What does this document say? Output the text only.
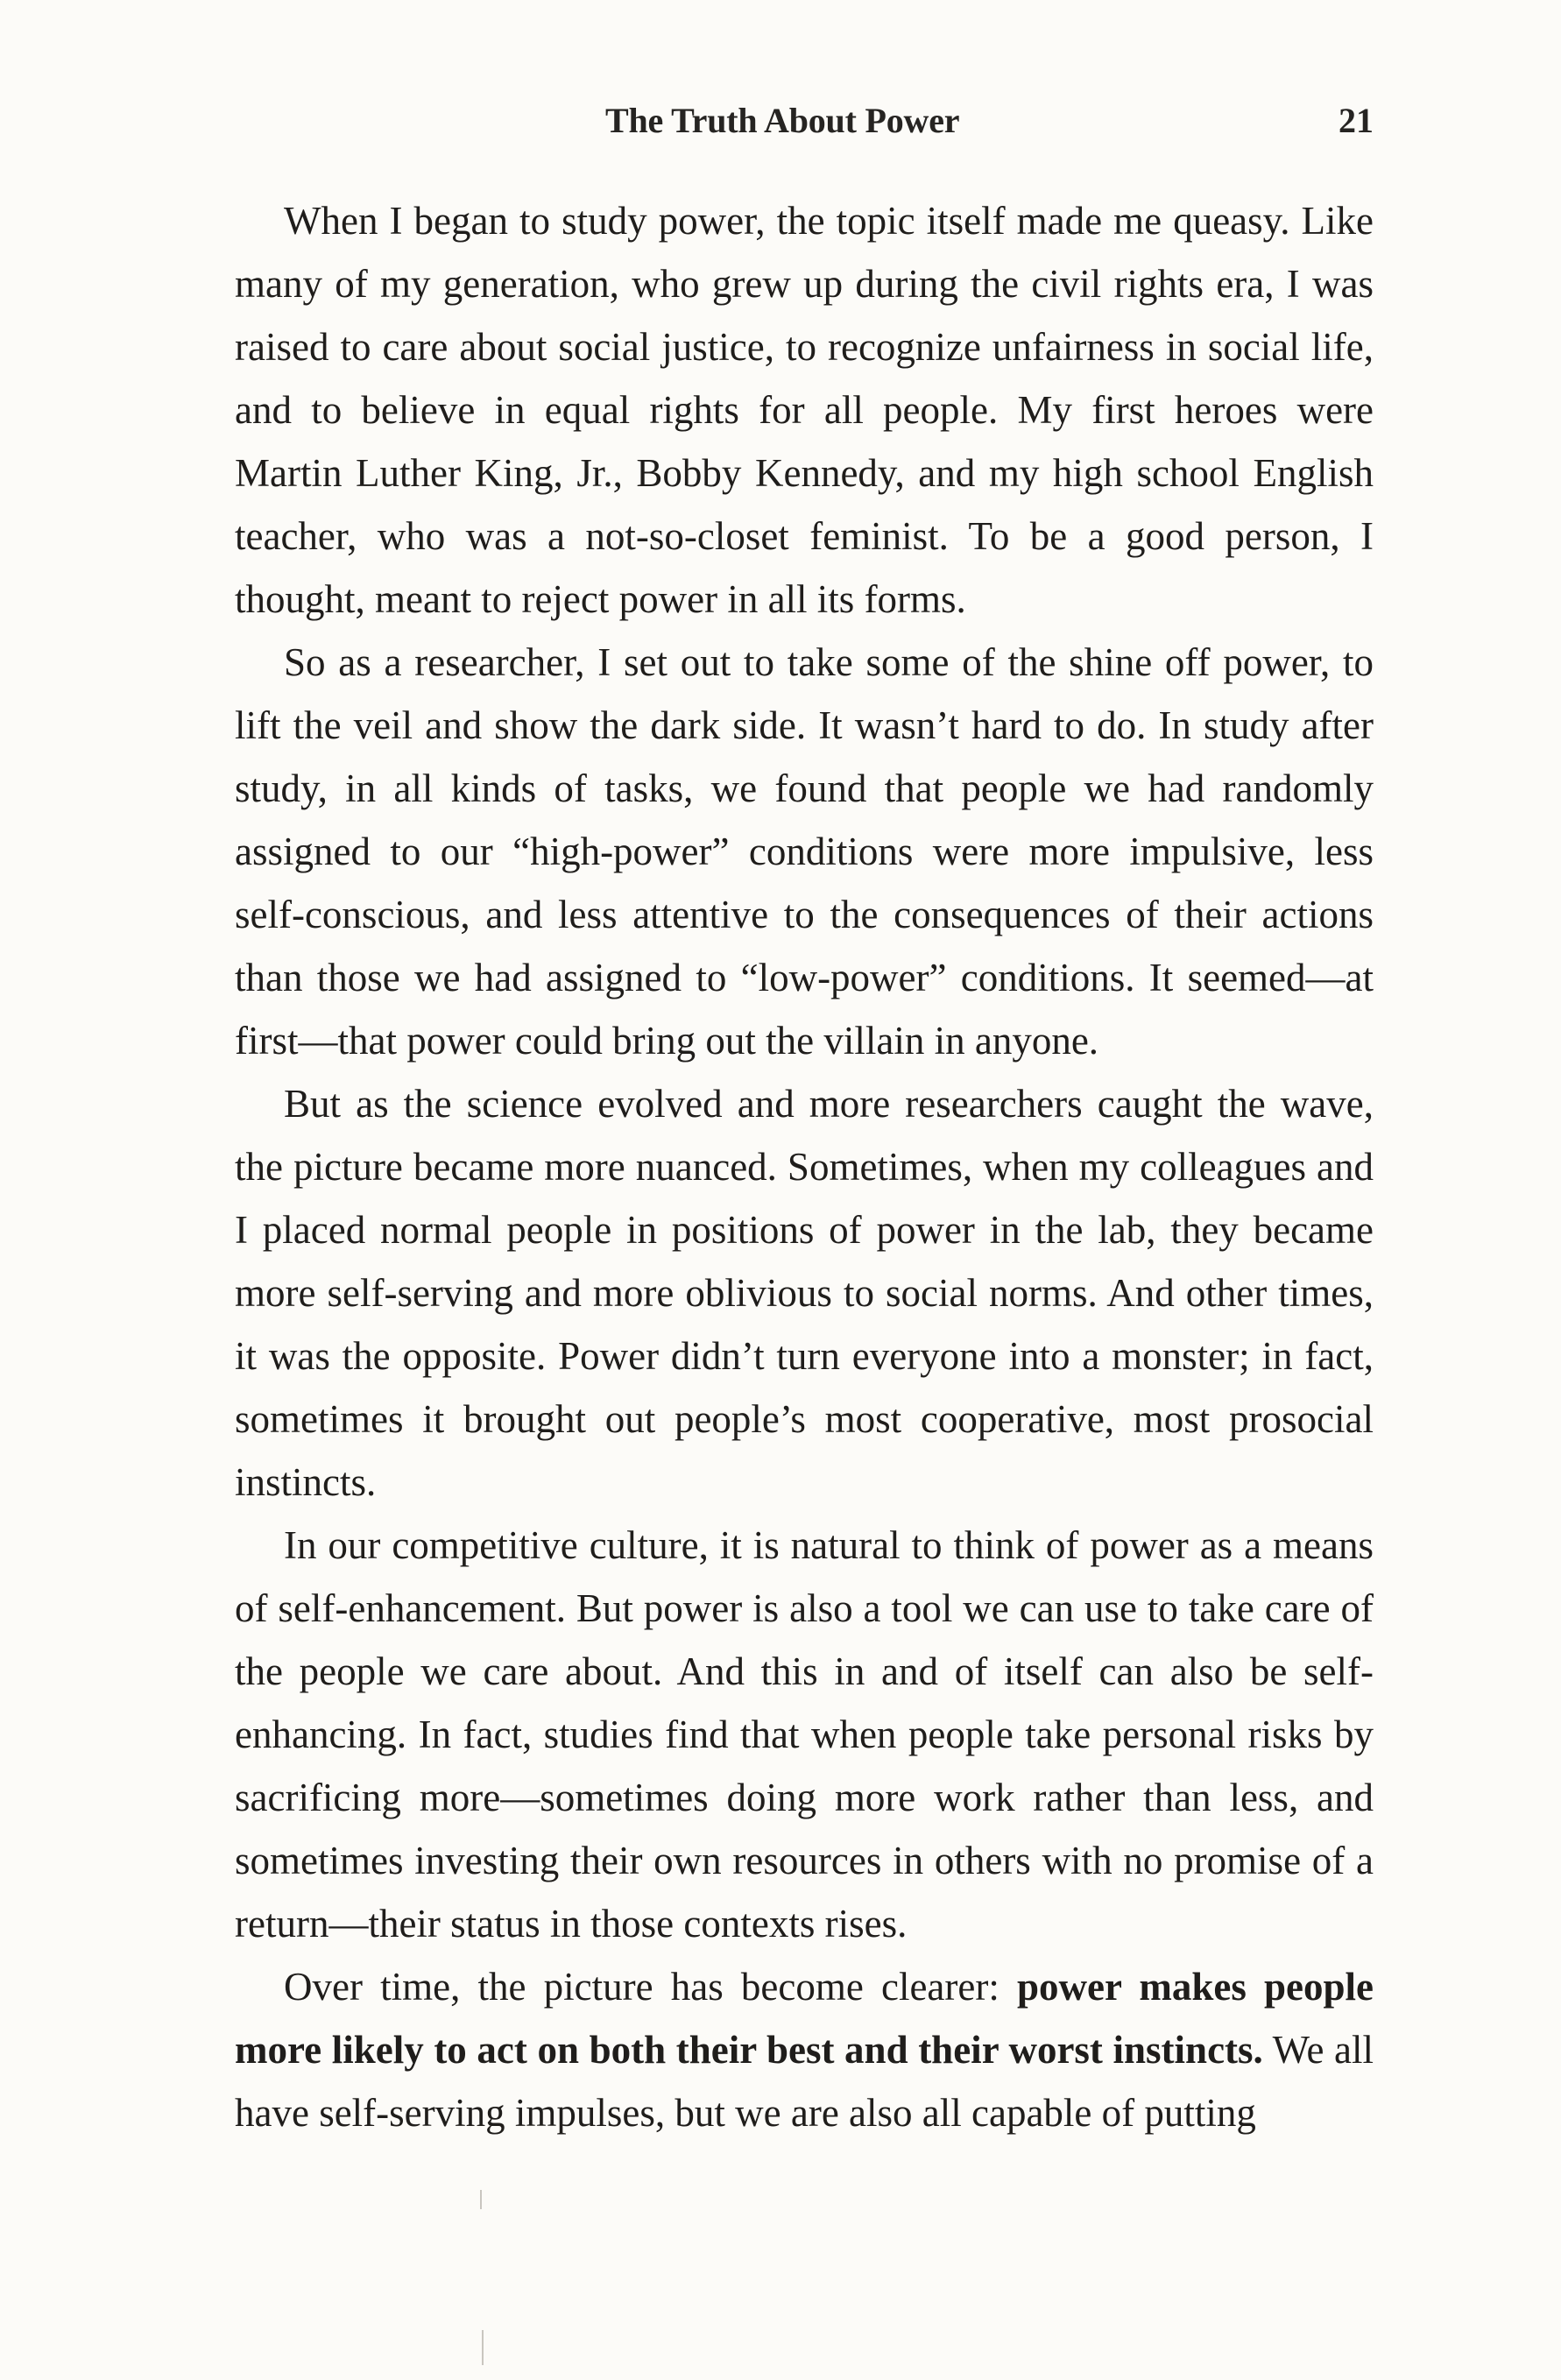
The Truth About Power	21

When I began to study power, the topic itself made me queasy. Like many of my generation, who grew up during the civil rights era, I was raised to care about social justice, to recognize unfairness in social life, and to believe in equal rights for all people. My first heroes were Martin Luther King, Jr., Bobby Kennedy, and my high school English teacher, who was a not-so-closet feminist. To be a good person, I thought, meant to reject power in all its forms.

So as a researcher, I set out to take some of the shine off power, to lift the veil and show the dark side. It wasn’t hard to do. In study after study, in all kinds of tasks, we found that people we had randomly assigned to our “high-power” conditions were more impulsive, less self-conscious, and less attentive to the consequences of their actions than those we had assigned to “low-power” conditions. It seemed—at first—that power could bring out the villain in anyone.

But as the science evolved and more researchers caught the wave, the picture became more nuanced. Sometimes, when my colleagues and I placed normal people in positions of power in the lab, they became more self-serving and more oblivious to social norms. And other times, it was the opposite. Power didn’t turn everyone into a monster; in fact, sometimes it brought out people’s most cooperative, most prosocial instincts.

In our competitive culture, it is natural to think of power as a means of self-enhancement. But power is also a tool we can use to take care of the people we care about. And this in and of itself can also be self-enhancing. In fact, studies find that when people take personal risks by sacrificing more—sometimes doing more work rather than less, and sometimes investing their own resources in others with no promise of a return—their status in those contexts rises.

Over time, the picture has become clearer: power makes people more likely to act on both their best and their worst instincts. We all have self-serving impulses, but we are also all capable of putting
